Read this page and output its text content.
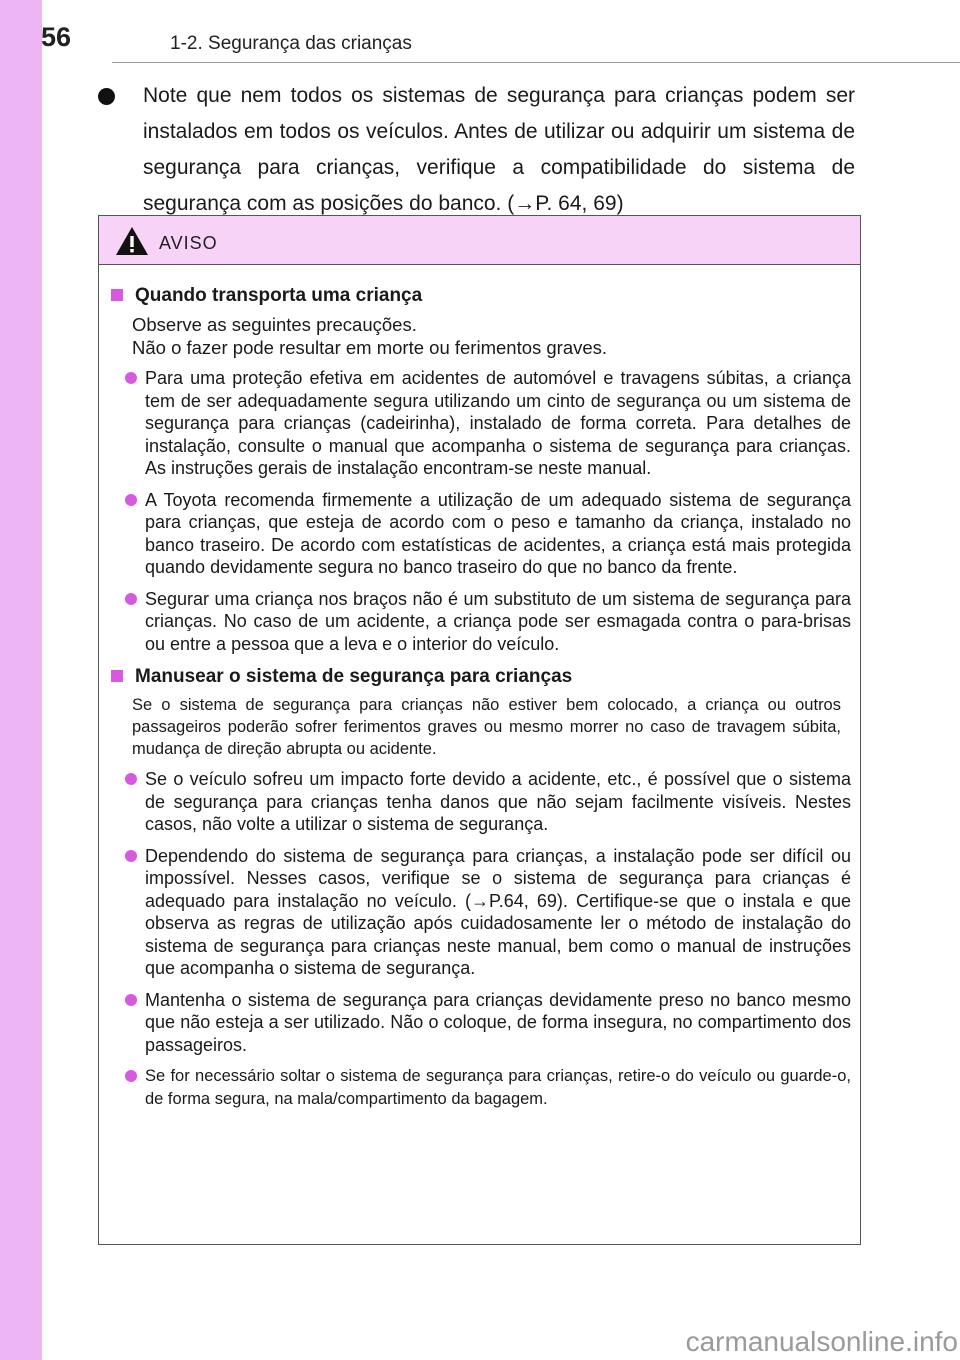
56	1-2. Segurança das crianças
Note que nem todos os sistemas de segurança para crianças podem ser instalados em todos os veículos. Antes de utilizar ou adquirir um sistema de segurança para crianças, verifique a compatibilidade do sistema de segurança com as posições do banco. (→P. 64, 69)
AVISO
Quando transporta uma criança
Observe as seguintes precauções.
Não o fazer pode resultar em morte ou ferimentos graves.
Para uma proteção efetiva em acidentes de automóvel e travagens súbitas, a criança tem de ser adequadamente segura utilizando um cinto de segurança ou um sistema de segurança para crianças (cadeirinha), instalado de forma correta. Para detalhes de instalação, consulte o manual que acompanha o sistema de segurança para crianças. As instruções gerais de instalação encontram-se neste manual.
A Toyota recomenda firmemente a utilização de um adequado sistema de segurança para crianças, que esteja de acordo com o peso e tamanho da criança, instalado no banco traseiro. De acordo com estatísticas de acidentes, a criança está mais protegida quando devidamente segura no banco traseiro do que no banco da frente.
Segurar uma criança nos braços não é um substituto de um sistema de segurança para crianças. No caso de um acidente, a criança pode ser esmagada contra o para-brisas ou entre a pessoa que a leva e o interior do veículo.
Manusear o sistema de segurança para crianças
Se o sistema de segurança para crianças não estiver bem colocado, a criança ou outros passageiros poderão sofrer ferimentos graves ou mesmo morrer no caso de travagem súbita, mudança de direção abrupta ou acidente.
Se o veículo sofreu um impacto forte devido a acidente, etc., é possível que o sistema de segurança para crianças tenha danos que não sejam facilmente visíveis. Nestes casos, não volte a utilizar o sistema de segurança.
Dependendo do sistema de segurança para crianças, a instalação pode ser difícil ou impossível. Nesses casos, verifique se o sistema de segurança para crianças é adequado para instalação no veículo. (→P.64, 69). Certifique-se que o instala e que observa as regras de utilização após cuidadosamente ler o método de instalação do sistema de segurança para crianças neste manual, bem como o manual de instruções que acompanha o sistema de segurança.
Mantenha o sistema de segurança para crianças devidamente preso no banco mesmo que não esteja a ser utilizado. Não o coloque, de forma insegura, no compartimento dos passageiros.
Se for necessário soltar o sistema de segurança para crianças, retire-o do veículo ou guarde-o, de forma segura, na mala/compartimento da bagagem.
carmanualsonline.info
